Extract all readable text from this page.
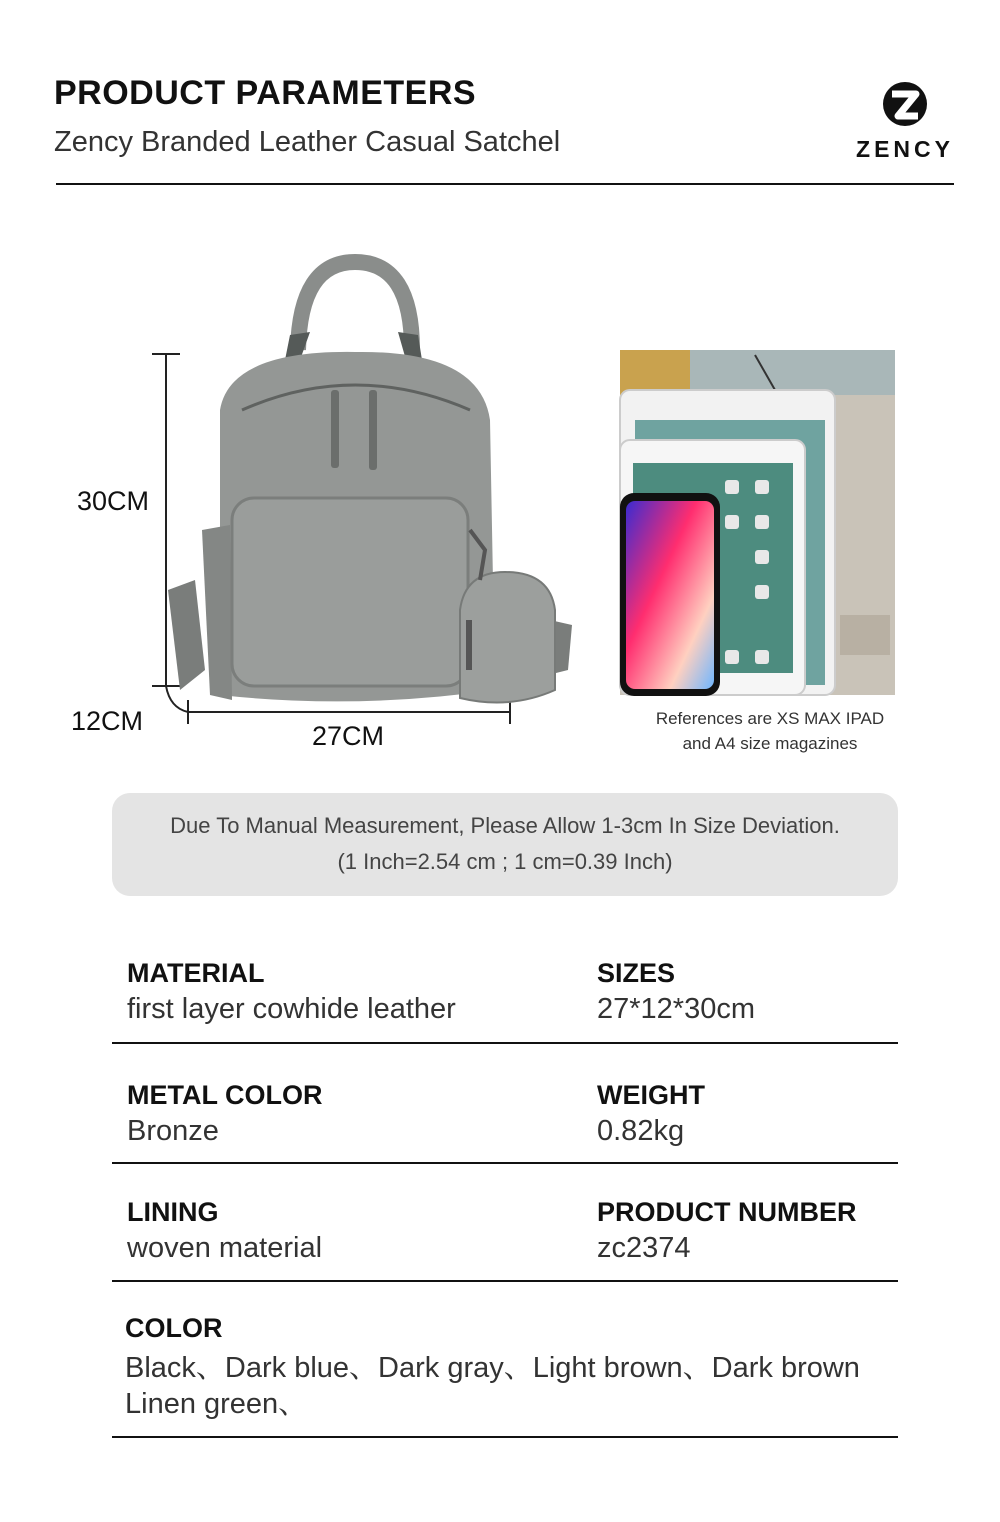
PRODUCT PARAMETERS
Zency Branded Leather Casual Satchel	ZENCY
30CM
12CM	27CM
References are XS MAX IPAD
and A4 size magazines
Due To Manual Measurement, Please Allow 1-3cm In Size Deviation.
(1 Inch=2.54 cm ; 1 cm=0.39 Inch)
MATERIAL
first layer cowhide leather
SIZES
27*12*30cm
METAL COLOR
Bronze
WEIGHT
0.82kg
LINING
woven material
PRODUCT NUMBER
zc2374
COLOR
Black、Dark blue、Dark gray、Light brown、Dark brown
Linen green、
